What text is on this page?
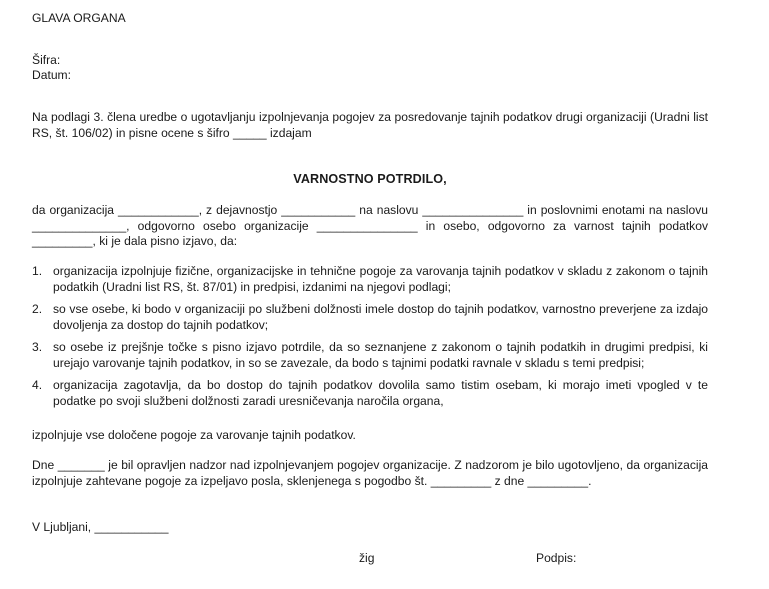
GLAVA ORGANA
Šifra:
Datum:

Na podlagi 3. člena uredbe o ugotavljanju izpolnjevanja pogojev za posredovanje tajnih podatkov drugi organizaciji (Uradni list RS, št. 106/02) in pisne ocene s šifro _____ izdajam

VARNOSTNO POTRDILO,

da organizacija ____________, z dejavnostjo ___________ na naslovu _______________ in poslovnimi enotami na naslovu ______________, odgovorno osebo organizacije _______________ in osebo, odgovorno za varnost tajnih podatkov _________, ki je dala pisno izjavo, da:

1. organizacija izpolnjuje fizične, organizacijske in tehnične pogoje za varovanja tajnih podatkov v skladu z zakonom o tajnih podatkih (Uradni list RS, št. 87/01) in predpisi, izdanimi na njegovi podlagi;
2. so vse osebe, ki bodo v organizaciji po službeni dolžnosti imele dostop do tajnih podatkov, varnostno preverjene za izdajo dovoljenja za dostop do tajnih podatkov;
3. so osebe iz prejšnje točke s pisno izjavo potrdile, da so seznanjene z zakonom o tajnih podatkih in drugimi predpisi, ki urejajo varovanje tajnih podatkov, in so se zavezale, da bodo s tajnimi podatki ravnale v skladu s temi predpisi;
4. organizacija zagotavlja, da bo dostop do tajnih podatkov dovolila samo tistim osebam, ki morajo imeti vpogled v te podatke po svoji službeni dolžnosti zaradi uresničevanja naročila organa,
izpolnjuje vse določene pogoje za varovanje tajnih podatkov.

Dne _______ je bil opravljen nadzor nad izpolnjevanjem pogojev organizacije. Z nadzorom je bilo ugotovljeno, da organizacija izpolnjuje zahtevane pogoje za izpeljavo posla, sklenjenega s pogodbo št. _________ z dne _________.

V Ljubljani, ___________
žig	Podpis:
